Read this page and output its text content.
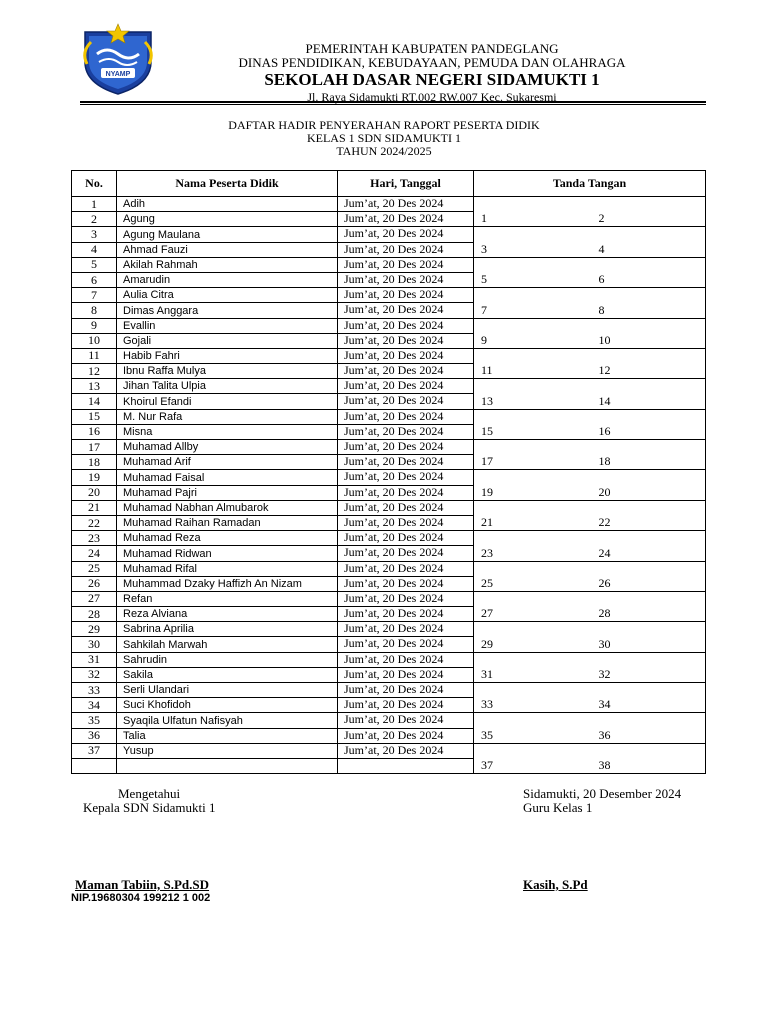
NYAMP
PEMERINTAH KABUPATEN PANDEGLANG
DINAS PENDIDIKAN, KEBUDAYAAN, PEMUDA DAN OLAHRAGA
SEKOLAH DASAR NEGERI SIDAMUKTI 1
Jl. Raya Sidamukti RT.002 RW.007 Kec. Sukaresmi
DAFTAR HADIR PENYERAHAN RAPORT PESERTA DIDIK
KELAS 1 SDN SIDAMUKTI 1
TAHUN 2024/2025
No.	Nama Peserta Didik	Hari, Tanggal	Tanda Tangan	
1	Adih	Jum’at, 20 Des 2024	1	2
2	Agung	Jum’at, 20 Des 2024		
3	Agung Maulana	Jum’at, 20 Des 2024	3	4
4	Ahmad Fauzi	Jum’at, 20 Des 2024		
5	Akilah Rahmah	Jum’at, 20 Des 2024	5	6
6	Amarudin	Jum’at, 20 Des 2024		
7	Aulia Citra	Jum’at, 20 Des 2024	7	8
8	Dimas Anggara	Jum’at, 20 Des 2024		
9	Evallin	Jum’at, 20 Des 2024	9	10
10	Gojali	Jum’at, 20 Des 2024		
11	Habib Fahri	Jum’at, 20 Des 2024	11	12
12	Ibnu Raffa Mulya	Jum’at, 20 Des 2024		
13	Jihan Talita Ulpia	Jum’at, 20 Des 2024	13	14
14	Khoirul Efandi	Jum’at, 20 Des 2024		
15	M. Nur Rafa	Jum’at, 20 Des 2024	15	16
16	Misna	Jum’at, 20 Des 2024		
17	Muhamad Allby	Jum’at, 20 Des 2024	17	18
18	Muhamad Arif	Jum’at, 20 Des 2024		
19	Muhamad Faisal	Jum’at, 20 Des 2024	19	20
20	Muhamad Pajri	Jum’at, 20 Des 2024		
21	Muhamad Nabhan Almubarok	Jum’at, 20 Des 2024	21	22
22	Muhamad Raihan Ramadan	Jum’at, 20 Des 2024		
23	Muhamad Reza	Jum’at, 20 Des 2024	23	24
24	Muhamad Ridwan	Jum’at, 20 Des 2024		
25	Muhamad Rifal	Jum’at, 20 Des 2024	25	26
26	Muhammad Dzaky Haffizh An Nizam	Jum’at, 20 Des 2024		
27	Refan	Jum’at, 20 Des 2024	27	28
28	Reza Alviana	Jum’at, 20 Des 2024		
29	Sabrina Aprilia	Jum’at, 20 Des 2024	29	30
30	Sahkilah Marwah	Jum’at, 20 Des 2024		
31	Sahrudin	Jum’at, 20 Des 2024	31	32
32	Sakila	Jum’at, 20 Des 2024		
33	Serli Ulandari	Jum’at, 20 Des 2024	33	34
34	Suci Khofidoh	Jum’at, 20 Des 2024		
35	Syaqila Ulfatun Nafisyah	Jum’at, 20 Des 2024	35	36
36	Talia	Jum’at, 20 Des 2024		
37	Yusup	Jum’at, 20 Des 2024	37	38

Mengetahui
Kepala SDN Sidamukti 1
Sidamukti, 20 Desember 2024
Guru Kelas 1
Maman Tabiin, S.Pd.SD
NIP.19680304 199212 1 002
Kasih, S.Pd
